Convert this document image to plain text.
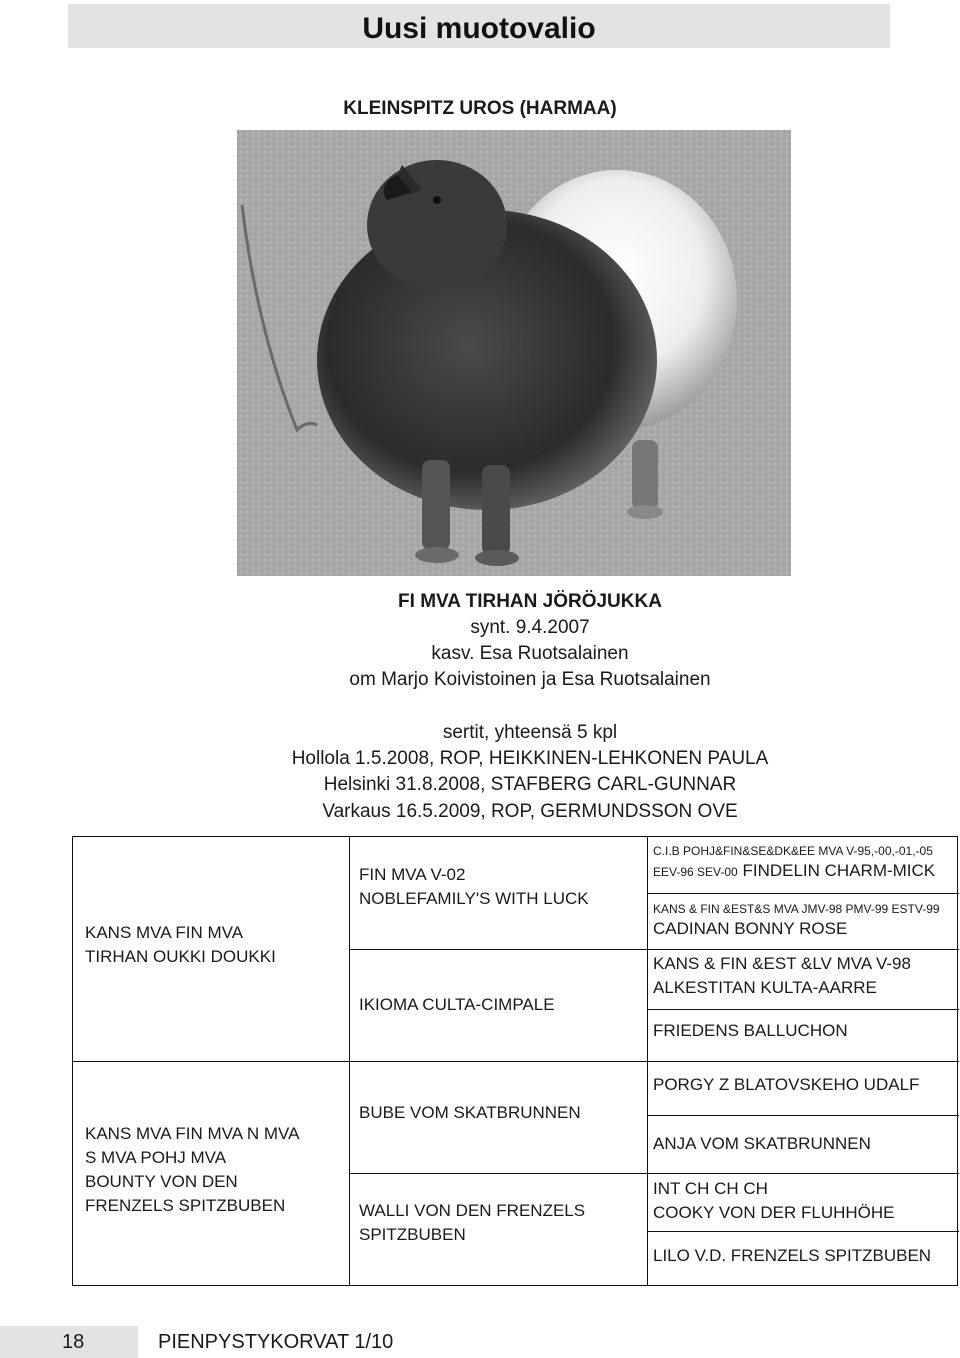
Uusi muotovalio
KLEINSPITZ UROS (HARMAA)
FI MVA TIRHAN JÖRÖJUKKA
synt. 9.4.2007
kasv. Esa Ruotsalainen
om Marjo Koivistoinen ja Esa Ruotsalainen
sertit, yhteensä 5 kpl
Hollola 1.5.2008, ROP, HEIKKINEN-LEHKONEN PAULA
Helsinki 31.8.2008, STAFBERG CARL-GUNNAR
Varkaus 16.5.2009, ROP, GERMUNDSSON OVE
KANS MVA FIN MVA
TIRHAN OUKKI DOUKKI
FIN MVA V-02
NOBLEFAMILY'S WITH LUCK
IKIOMA CULTA-CIMPALE
C.I.B POHJ&FIN&SE&DK&EE MVA V-95,-00,-01,-05
EEV-96 SEV-00 FINDELIN CHARM-MICK
KANS & FIN &EST&S MVA JMV-98 PMV-99 ESTV-99
CADINAN BONNY ROSE
KANS & FIN &EST &LV MVA V-98
ALKESTITAN KULTA-AARRE
FRIEDENS BALLUCHON
KANS MVA FIN MVA N MVA
S MVA POHJ MVA
BOUNTY VON DEN
FRENZELS SPITZBUBEN
BUBE VOM SKATBRUNNEN
WALLI VON DEN FRENZELS
SPITZBUBEN
PORGY Z BLATOVSKEHO UDALF
ANJA VOM SKATBRUNNEN
INT CH CH CH
COOKY VON DER FLUHHÖHE
LILO V.D. FRENZELS SPITZBUBEN
18	PIENPYSTYKORVAT 1/10
